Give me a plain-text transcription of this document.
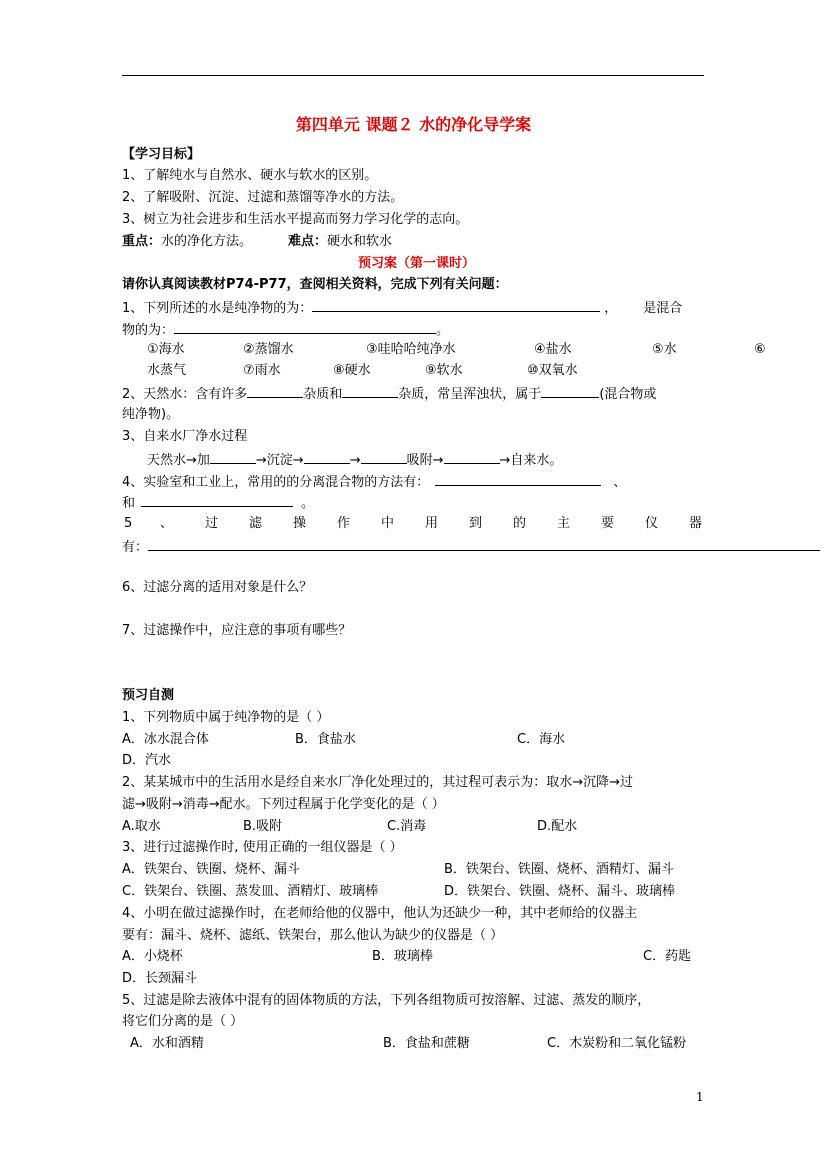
第四单元 课题２ 水的净化导学案
【学习目标】
1、了解纯水与自然水、硬水与软水的区别。
2、了解吸附、沉淀、过滤和蒸馏等净水的方法。
3、树立为社会进步和生活水平提高而努力学习化学的志向。
重点：水的净化方法。	难点：硬水和软水
预习案（第一课时）
请你认真阅读教材P74-P77，查阅相关资料，完成下列有关问题：
1、下列所述的水是纯净物的为：	， 是混合
物的为：	。
①海水	②蒸馏水	③哇哈哈纯净水	④盐水	⑤水	⑥
水蒸气	⑦雨水	⑧硬水	⑨软水	⑩双氧水
2、天然水：含有许多	杂质和	杂质，常呈浑浊状，属于	(混合物或
纯净物)。
3、自来水厂净水过程
天然水→加	→沉淀→	→	吸附→	→自来水。
4、实验室和工业上，常用的的分离混合物的方法有：	、
和	。
5 、 过 滤 操 作 中 用 到 的 主 要 仪 器
有：
6、过滤分离的适用对象是什么？
7、过滤操作中，应注意的事项有哪些？
预习自测
1、下列物质中属于纯净物的是（ ）
A．冰水混合体	B．食盐水	C．海水
D．汽水
2、某某城市中的生活用水是经自来水厂净化处理过的，其过程可表示为：取水→沉降→过
滤→吸附→消毒→配水。下列过程属于化学变化的是（ ）
A.取水	B.吸附	C.消毒	D.配水
3、进行过滤操作时, 使用正确的一组仪器是（ ）
A．铁架台、铁圈、烧杯、漏斗	B．铁架台、铁圈、烧杯、酒精灯、漏斗
C．铁架台、铁圈、蒸发皿、酒精灯、玻璃棒	D．铁架台、铁圈、烧杯、漏斗、玻璃棒
4、小明在做过滤操作时，在老师给他的仪器中，他认为还缺少一种，其中老师给的仪器主
要有：漏斗、烧杯、滤纸、铁架台，那么他认为缺少的仪器是（ ）
A．小烧杯	B．玻璃棒	C．药匙
D．长颈漏斗
5、过滤是除去液体中混有的固体物质的方法，下列各组物质可按溶解、过滤、蒸发的顺序，
将它们分离的是（ ）
A．水和酒精	B．食盐和蔗糖	C．木炭粉和二氧化锰粉
1
